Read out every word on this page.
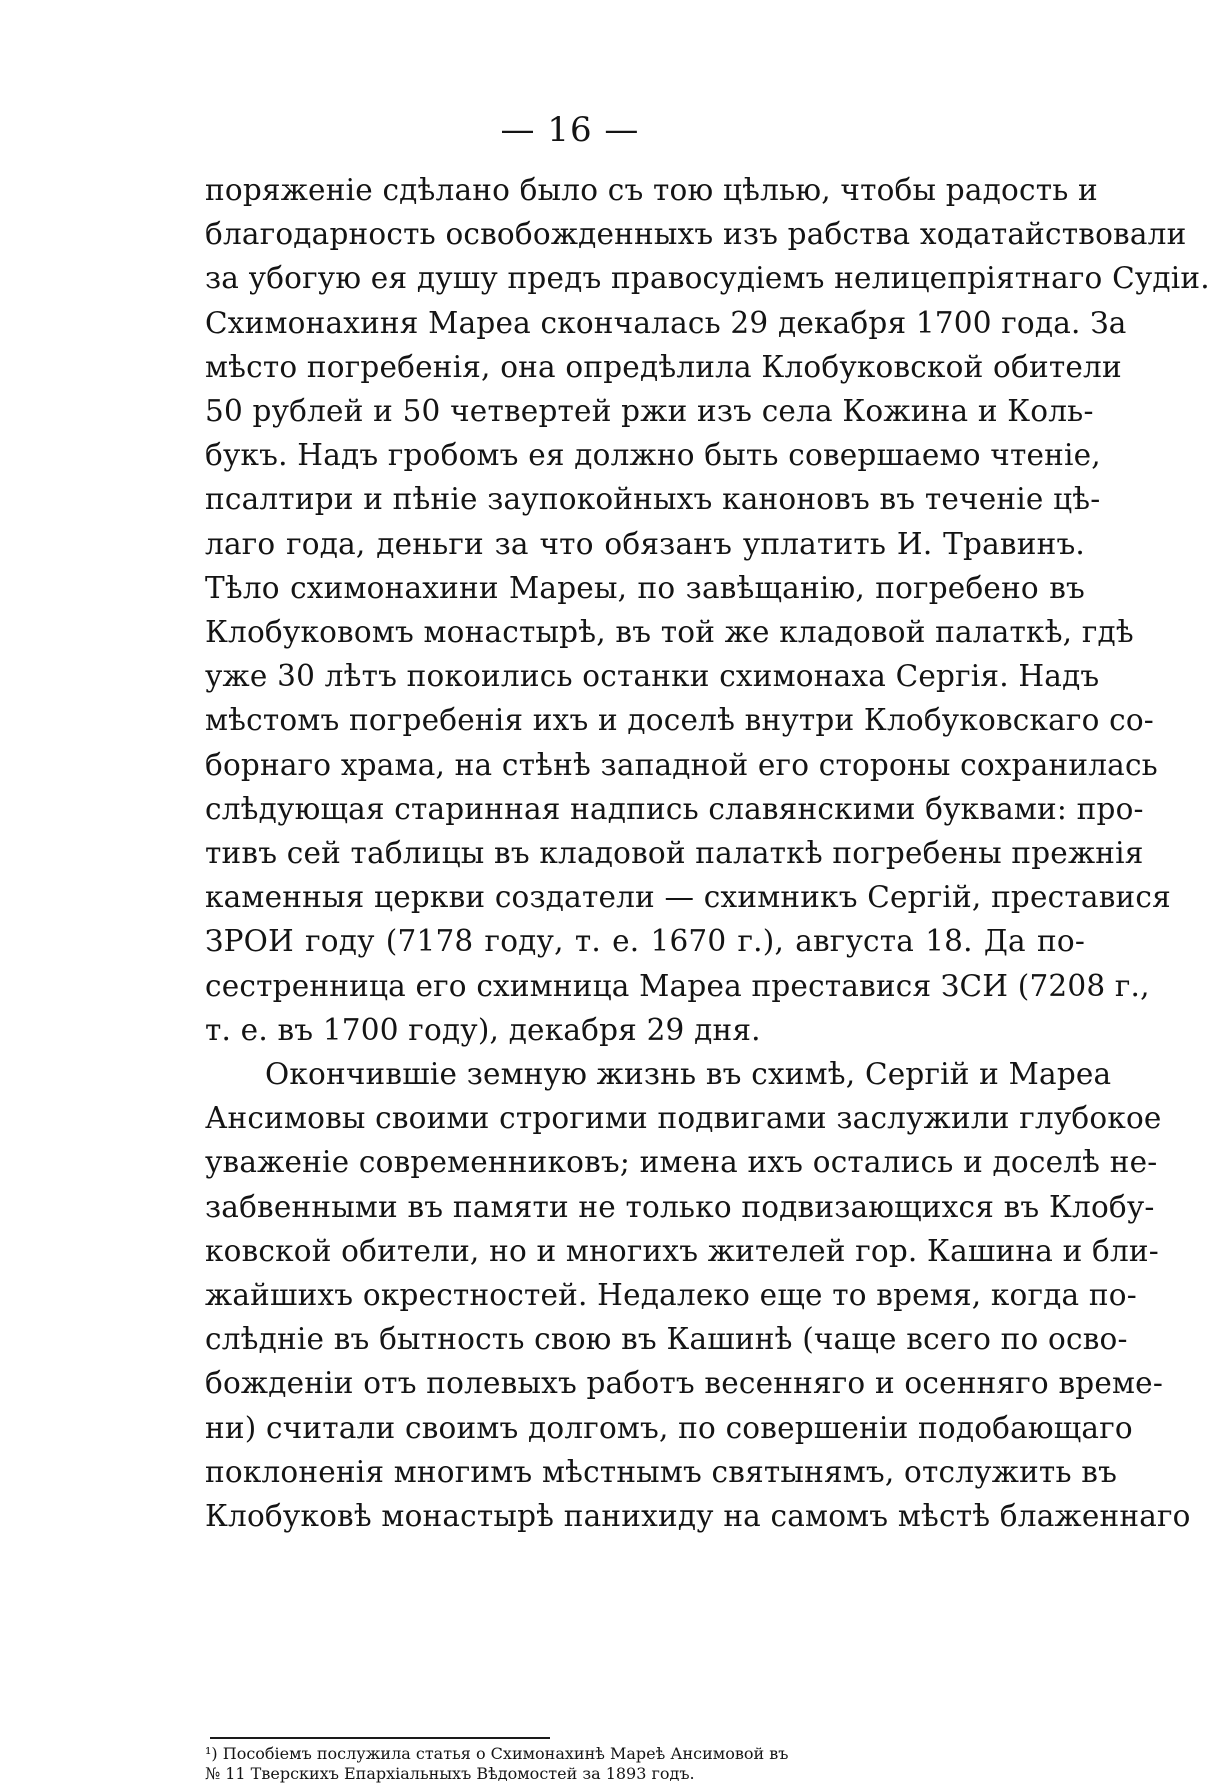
— 16 —
поряженіе сдѣлано было съ тою цѣлью, чтобы радость и
благодарность освобожденныхъ изъ рабства ходатайствовали
за убогую ея душу предъ правосудіемъ нелицепріятнаго Судіи.
Схимонахиня Мареа скончалась 29 декабря 1700 года. За
мѣсто погребенія, она опредѣлила Клобуковской обители
50 рублей и 50 четвертей ржи изъ села Кожина и Коль-
букъ. Надъ гробомъ ея должно быть совершаемо чтеніе,
псалтири и пѣніе заупокойныхъ каноновъ въ теченіе цѣ-
лаго года, деньги за что обязанъ уплатить И. Травинъ.
Тѣло схимонахини Мареы, по завѣщанію, погребено въ
Клобуковомъ монастырѣ, въ той же кладовой палаткѣ, гдѣ
уже 30 лѣтъ покоились останки схимонаха Сергія. Надъ
мѣстомъ погребенія ихъ и доселѣ внутри Клобуковскаго со-
борнаго храма, на стѣнѣ западной его стороны сохранилась
слѣдующая старинная надпись славянскими буквами: про-
тивъ сей таблицы въ кладовой палаткѣ погребены прежнія
каменныя церкви создатели — схимникъ Сергій, преставися
ЗРОИ году (7178 году, т. е. 1670 г.), августа 18. Да по-
сестренница его схимница Мареа преставися ЗСИ (7208 г.,
т. е. въ 1700 году), декабря 29 дня.
Окончившіе земную жизнь въ схимѣ, Сергій и Мареа
Ансимовы своими строгими подвигами заслужили глубокое
уваженіе современниковъ; имена ихъ остались и доселѣ не-
забвенными въ памяти не только подвизающихся въ Клобу-
ковской обители, но и многихъ жителей гор. Кашина и бли-
жайшихъ окрестностей. Недалеко еще то время, когда по-
слѣдніе въ бытность свою въ Кашинѣ (чаще всего по осво-
божденіи отъ полевыхъ работъ весенняго и осенняго време-
ни) считали своимъ долгомъ, по совершеніи подобающаго
поклоненія многимъ мѣстнымъ святынямъ, отслужить въ
Клобуковѣ монастырѣ панихиду на самомъ мѣстѣ блаженнаго
¹) Пособіемъ послужила статья о Схимонахинѣ Мареѣ Ансимовой въ
№ 11 Тверскихъ Епархіальныхъ Вѣдомостей за 1893 годъ.
